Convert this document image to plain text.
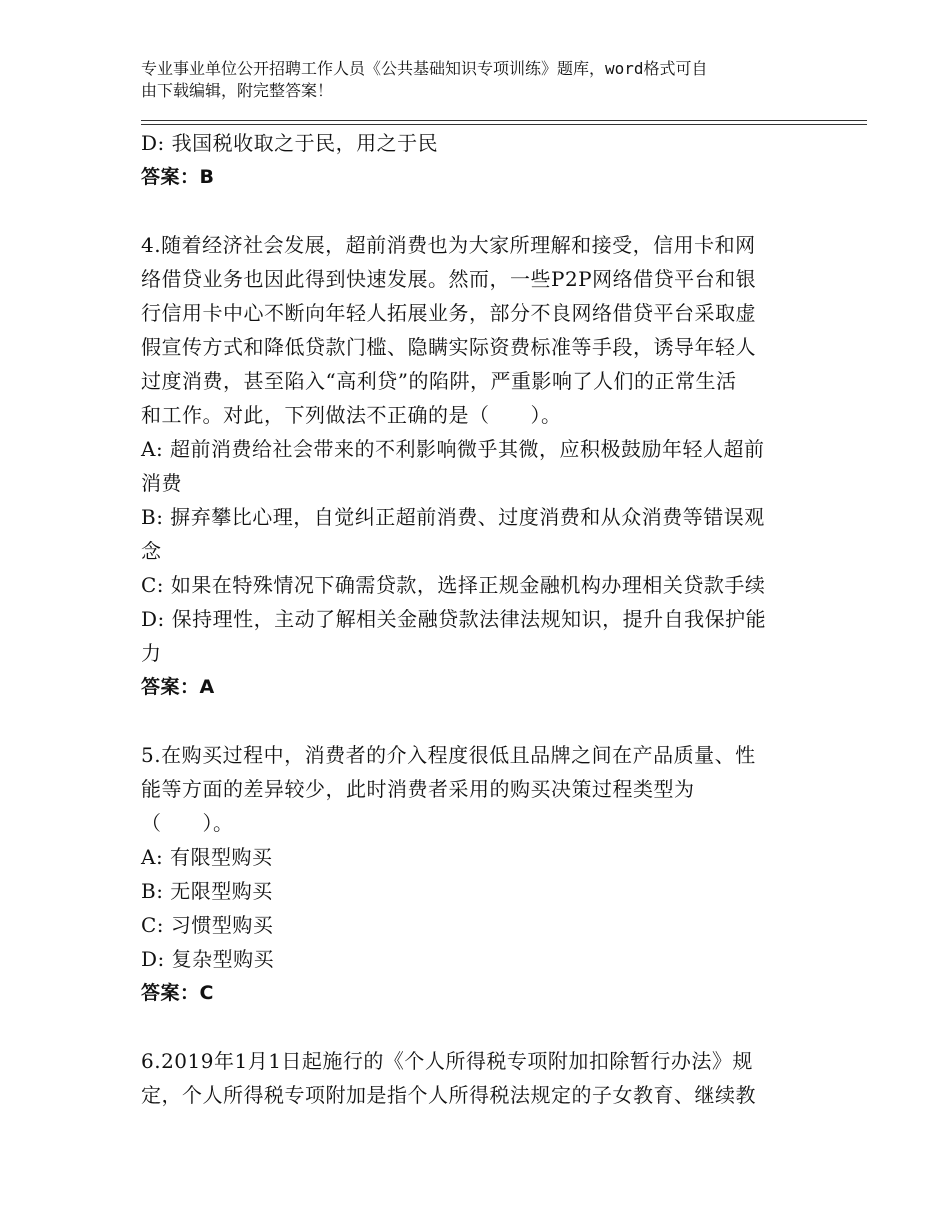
专业事业单位公开招聘工作人员《公共基础知识专项训练》题库，word格式可自
由下载编辑，附完整答案！
D: 我国税收取之于民，用之于民
答案：B
4.随着经济社会发展，超前消费也为大家所理解和接受，信用卡和网
络借贷业务也因此得到快速发展。然而，一些P2P网络借贷平台和银
行信用卡中心不断向年轻人拓展业务，部分不良网络借贷平台采取虚
假宣传方式和降低贷款门槛、隐瞒实际资费标准等手段，诱导年轻人
过度消费，甚至陷入“高利贷”的陷阱，严重影响了人们的正常生活
和工作。对此，下列做法不正确的是（　　）。
A: 超前消费给社会带来的不利影响微乎其微，应积极鼓励年轻人超前
消费
B: 摒弃攀比心理，自觉纠正超前消费、过度消费和从众消费等错误观
念
C: 如果在特殊情况下确需贷款，选择正规金融机构办理相关贷款手续
D: 保持理性，主动了解相关金融贷款法律法规知识，提升自我保护能
力
答案：A
5.在购买过程中，消费者的介入程度很低且品牌之间在产品质量、性
能等方面的差异较少，此时消费者采用的购买决策过程类型为
（　　）。
A: 有限型购买
B: 无限型购买
C: 习惯型购买
D: 复杂型购买
答案：C
6.2019年1月1日起施行的《个人所得税专项附加扣除暂行办法》规
定，个人所得税专项附加是指个人所得税法规定的子女教育、继续教
